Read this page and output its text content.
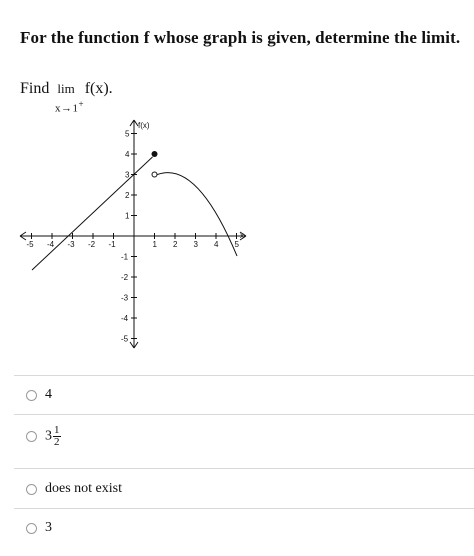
For the function f whose graph is given, determine the limit.
Find lim f(x).
x→1+
-5 -4 -3 -2 -1	1 2 3 4 5
5
4
3
2
1
-1
-2
-3
-4
-5
x
f(x)
4
$3 \frac{1}{2}$
does not exist
3
